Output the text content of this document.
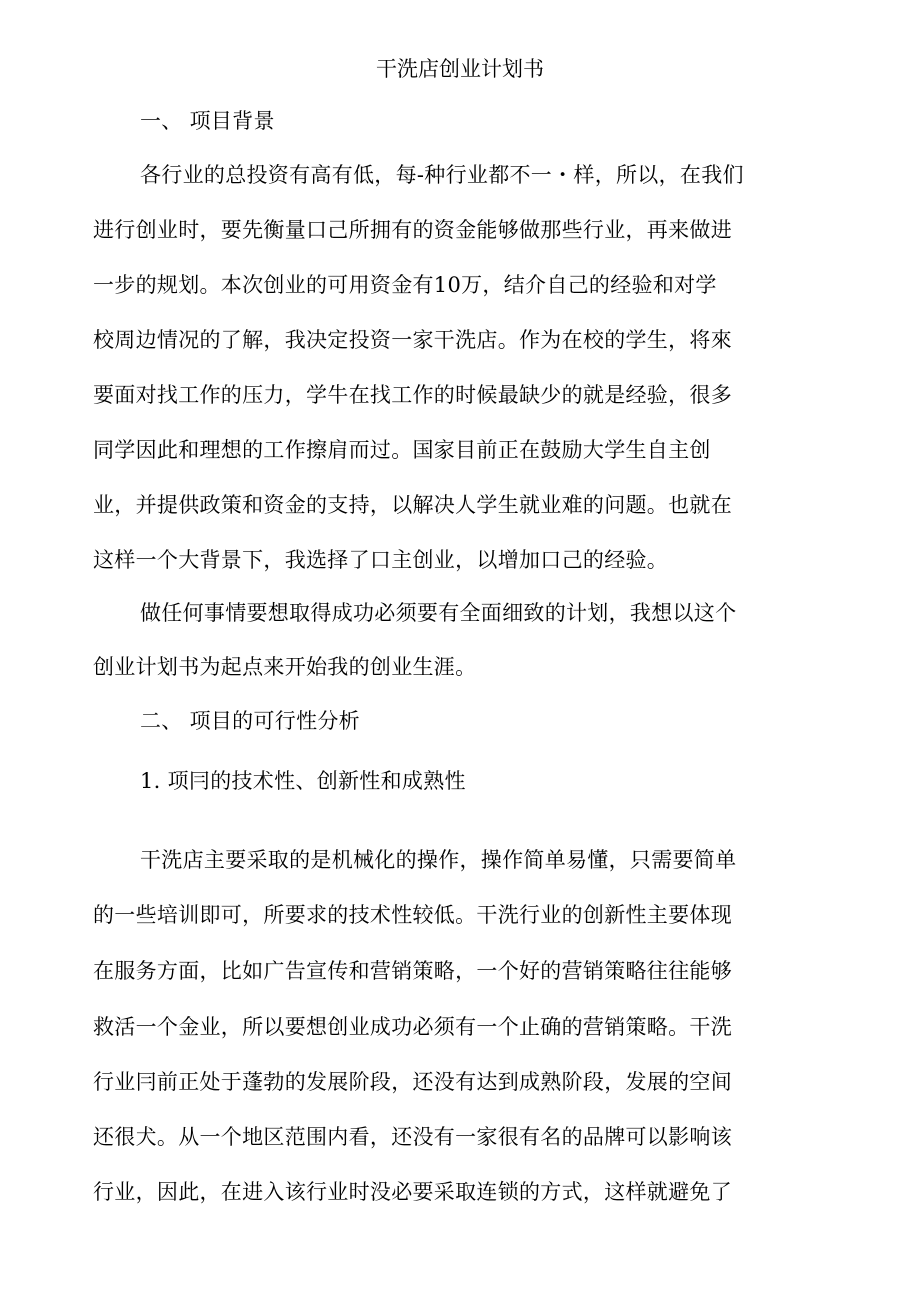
干洗店创业计划书
一、 项目背景
各行业的总投资有高有低，每-种行业都不一・样，所以，在我们
进行创业时，要先衡量口己所拥有的资金能够做那些行业，再来做进
一步的规划。本次创业的可用资金有10万，结介自己的经验和对学
校周边情况的了解，我决定投资一家干洗店。作为在校的学生，将來
要面对找工作的压力，学牛在找工作的时候最缺少的就是经验，很多
同学因此和理想的工作擦肩而过。国家目前正在鼓励大学生自主创
业，并提供政策和资金的支持，以解决人学生就业难的问题。也就在
这样一个大背景下，我选择了口主创业，以增加口己的经验。
做任何事情要想取得成功必须要有全面细致的计划，我想以这个
创业计划书为起点来开始我的创业生涯。
二、 项目的可行性分析
1. 项冃的技术性、创新性和成熟性
干洗店主要采取的是机械化的操作，操作简单易懂，只需要简单
的一些培训即可，所要求的技术性较低。干洗行业的创新性主要体现
在服务方面，比如广告宣传和营销策略，一个好的营销策略往往能够
救活一个金业，所以要想创业成功必须有一个止确的营销策略。干洗
行业冃前正处于蓬勃的发展阶段，还没有达到成熟阶段，发展的空间
还很犬。从一个地区范围内看，还没有一家很有名的品牌可以影响该
行业，因此，在进入该行业时没必要采取连锁的方式，这样就避免了
